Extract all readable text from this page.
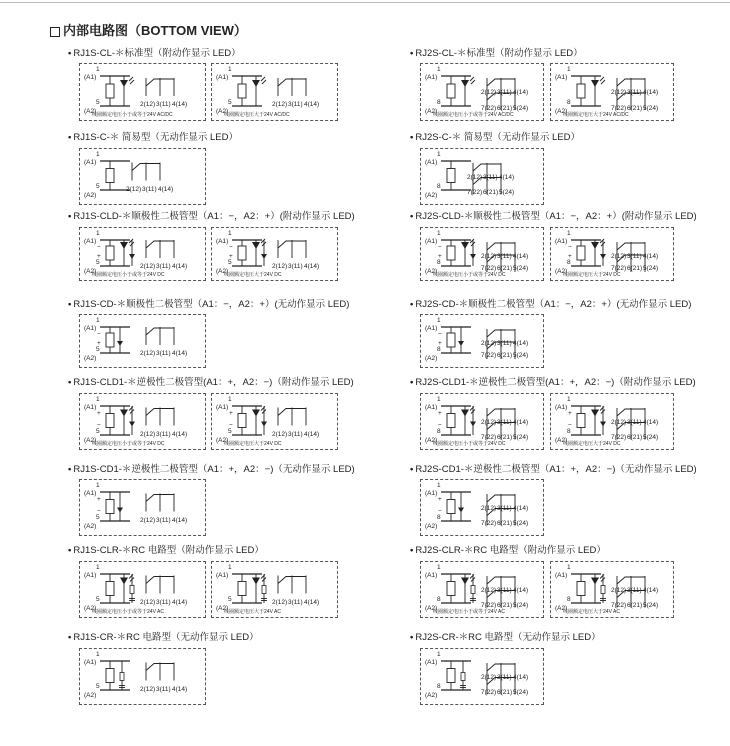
内部电路图（BOTTOM VIEW）
• RJ1S-CL-＊标准型（附动作显示 LED）
1
(A1)
5
(A2)
2(12) 3(11) 4(14)
线圈额定电压小于或等于24V AC/DC
1
(A1)
5
(A2)
2(12) 3(11) 4(14)
线圈额定电压大于24V AC/DC
• RJ2S-CL-＊标准型（附动作显示 LED）
1
(A1)
8
(A2)
2(12) 3(11) 4(14)
7(22) 6(21) 5(24)
线圈额定电压小于或等于24V AC/DC
1
(A1)
8
(A2)
2(12) 3(11) 4(14)
7(22) 6(21) 5(24)
线圈额定电压大于24V AC/DC
• RJ1S-C-＊ 简易型（无动作显示 LED）
1
(A1)
5
(A2)
2(12) 3(11) 4(14)
• RJ2S-C-＊ 简易型（无动作显示 LED）
1
(A1)
8
(A2)
2(12) 3(11) 4(14)
7(22) 6(21) 5(24)
• RJ1S-CLD-＊顺极性二极管型（A1：−，A2：+）(附动作显示 LED)
1
(A1)
5
(A2)
−
+
2(12) 3(11) 4(14)
线圈额定电压小于或等于24V DC
1
(A1)
5
(A2)
−
+
2(12) 3(11) 4(14)
线圈额定电压大于24V DC
• RJ2S-CLD-＊顺极性二极管型（A1：−，A2：+）(附动作显示 LED)
1
(A1)
8
(A2)
−
+	2(12) 3(11) 4(14)
7(22) 6(21) 5(24)
线圈额定电压小于或等于24V DC
1
(A1)
8
(A2)
−
+	2(12) 3(11) 4(14)
7(22) 6(21) 5(24)
线圈额定电压大于24V DC
• RJ1S-CD-＊顺极性二极管型（A1：−，A2：+）(无动作显示 LED)
1
(A1)
5
(A2)
−
+
2(12) 3(11) 4(14)
• RJ2S-CD-＊顺极性二极管型（A1：−，A2：+）(无动作显示 LED)
1
(A1)
8
(A2)
−
+	2(12) 3(11) 4(14)
7(22) 6(21) 5(24)
• RJ1S-CLD1-＊逆极性二极管型(A1：+，A2：−)（附动作显示 LED)
1
(A1)
5
(A2)
+
−
2(12) 3(11) 4(14)
线圈额定电压小于或等于24V DC
1
(A1)
5
(A2)
+
−
2(12) 3(11) 4(14)
线圈额定电压大于24V DC
• RJ2S-CLD1-＊逆极性二极管型(A1：+，A2：−)（附动作显示 LED)
1
(A1)
8
(A2)
+
−	2(12) 3(11) 4(14)
7(22) 6(21) 5(24)
线圈额定电压小于或等于24V DC
1
(A1)
8
(A2)
+
−	2(12) 3(11) 4(14)
7(22) 6(21) 5(24)
线圈额定电压大于24V DC
• RJ1S-CD1-＊逆极性二极管型（A1：+，A2：−)（无动作显示 LED)
1
(A1)
5
(A2)
+
−
2(12) 3(11) 4(14)
• RJ2S-CD1-＊逆极性二极管型（A1：+，A2：−)（无动作显示 LED)
1
(A1)
8
(A2)
+
−	2(12) 3(11) 4(14)
7(22) 6(21) 5(24)
• RJ1S-CLR-＊RC 电路型（附动作显示 LED）
1
(A1)
5
(A2)
2(12) 3(11) 4(14)
线圈额定电压小于或等于24V AC
1
(A1)
5
(A2)
2(12) 3(11) 4(14)
线圈额定电压大于24V AC
• RJ2S-CLR-＊RC 电路型（附动作显示 LED）
1
(A1)
8
(A2)
2(12) 3(11) 4(14)
7(22) 6(21) 5(24)
线圈额定电压小于或等于24V AC
1
(A1)
8
(A2)
2(12) 3(11) 4(14)
7(22) 6(21) 5(24)
线圈额定电压大于24V AC
• RJ1S-CR-＊RC 电路型（无动作显示 LED）
1
(A1)
5
(A2)
2(12) 3(11) 4(14)
• RJ2S-CR-＊RC 电路型（无动作显示 LED）
1
(A1)
8
(A2)
2(12) 3(11) 4(14)
7(22) 6(21) 5(24)
